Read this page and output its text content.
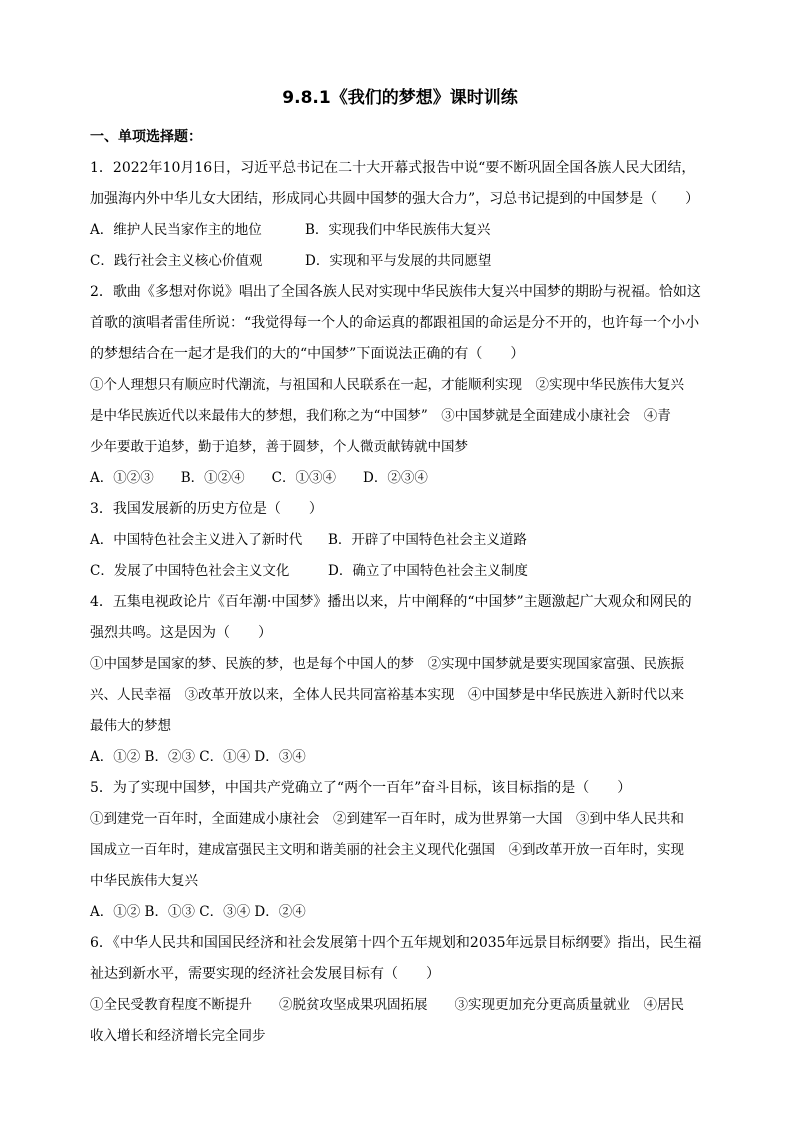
9.8.1《我们的梦想》课时训练
一、单项选择题：
1．2022年10月16日，习近平总书记在二十大开幕式报告中说“要不断巩固全国各族人民大团结，
加强海内外中华儿女大团结，形成同心共圆中国梦的强大合力”，习总书记提到的中国梦是（　　）
A．维护人民当家作主的地位	B．实现我们中华民族伟大复兴
C．践行社会主义核心价值观	D．实现和平与发展的共同愿望
2．歌曲《多想对你说》唱出了全国各族人民对实现中华民族伟大复兴中国梦的期盼与祝福。恰如这
首歌的演唱者雷佳所说：“我觉得每一个人的命运真的都跟祖国的命运是分不开的，也许每一个小小
的梦想结合在一起才是我们的大的“中国梦”下面说法正确的有（　　）
①个人理想只有顺应时代潮流，与祖国和人民联系在一起，才能顺利实现　②实现中华民族伟大复兴
是中华民族近代以来最伟大的梦想，我们称之为“中国梦”　③中国梦就是全面建成小康社会　④青
少年要敢于追梦，勤于追梦，善于圆梦，个人微贡献铸就中国梦
A．①②③　　B．①②④　　C．①③④　　D．②③④
3．我国发展新的历史方位是（　　）
A．中国特色社会主义进入了新时代 B．开辟了中国特色社会主义道路
C．发展了中国特色社会主义文化	D．确立了中国特色社会主义制度
4．五集电视政论片《百年潮·中国梦》播出以来，片中阐释的“中国梦”主题激起广大观众和网民的
强烈共鸣。这是因为（　　）
①中国梦是国家的梦、民族的梦，也是每个中国人的梦　②实现中国梦就是要实现国家富强、民族振
兴、人民幸福　③改革开放以来，全体人民共同富裕基本实现　④中国梦是中华民族进入新时代以来
最伟大的梦想
A．①② B．②③ C．①④ D．③④
5．为了实现中国梦，中国共产党确立了“两个一百年”奋斗目标，该目标指的是（　　）
①到建党一百年时，全面建成小康社会　②到建军一百年时，成为世界第一大国　③到中华人民共和
国成立一百年时，建成富强民主文明和谐美丽的社会主义现代化强国　④到改革开放一百年时，实现
中华民族伟大复兴
A．①② B．①③ C．③④ D．②④
6．《中华人民共和国国民经济和社会发展第十四个五年规划和2035年远景目标纲要》指出，民生福
祉达到新水平，需要实现的经济社会发展目标有（　　）
①全民受教育程度不断提升　　②脱贫攻坚成果巩固拓展　　③实现更加充分更高质量就业　④居民
收入增长和经济增长完全同步
